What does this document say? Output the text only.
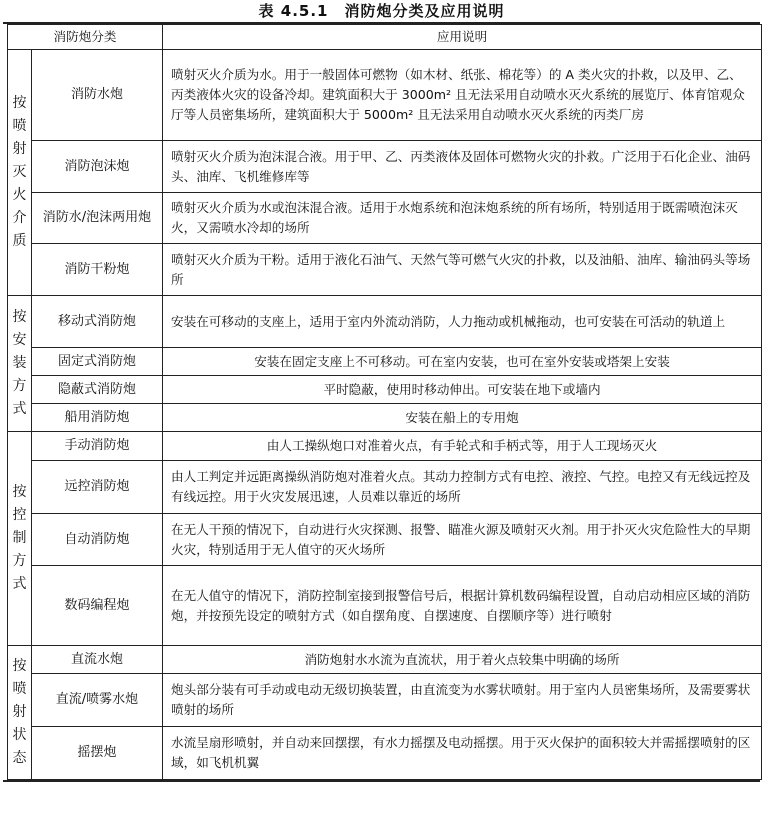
表 4.5.1　消防炮分类及应用说明
消防炮分类		应用说明
按喷射灭火介质	消防水炮	喷射灭火介质为水。用于一般固体可燃物（如木材、纸张、棉花等）的 A 类火灾的扑救，以及甲、乙、丙类液体火灾的设备冷却。建筑面积大于 3000m² 且无法采用自动喷水灭火系统的展览厅、体育馆观众厅等人员密集场所，建筑面积大于 5000m² 且无法采用自动喷水灭火系统的丙类厂房
	消防泡沫炮	喷射灭火介质为泡沫混合液。用于甲、乙、丙类液体及固体可燃物火灾的扑救。广泛用于石化企业、油码头、油库、飞机维修库等
	消防水/泡沫两用炮	喷射灭火介质为水或泡沫混合液。适用于水炮系统和泡沫炮系统的所有场所，特别适用于既需喷泡沫灭火，又需喷水冷却的场所
	消防干粉炮	喷射灭火介质为干粉。适用于液化石油气、天然气等可燃气火灾的扑救，以及油船、油库、输油码头等场所
按安装方式	移动式消防炮	安装在可移动的支座上，适用于室内外流动消防，人力拖动或机械拖动，也可安装在可活动的轨道上
	固定式消防炮	安装在固定支座上不可移动。可在室内安装，也可在室外安装或塔架上安装
	隐蔽式消防炮	平时隐蔽，使用时移动伸出。可安装在地下或墙内
	船用消防炮	安装在船上的专用炮
按控制方式	手动消防炮	由人工操纵炮口对准着火点，有手轮式和手柄式等，用于人工现场灭火
	远控消防炮	由人工判定并远距离操纵消防炮对准着火点。其动力控制方式有电控、液控、气控。电控又有无线远控及有线远控。用于火灾发展迅速，人员难以靠近的场所
	自动消防炮	在无人干预的情况下，自动进行火灾探测、报警、瞄准火源及喷射灭火剂。用于扑灭火灾危险性大的早期火灾，特别适用于无人值守的灭火场所
	数码编程炮	在无人值守的情况下，消防控制室接到报警信号后，根据计算机数码编程设置，自动启动相应区域的消防炮，并按预先设定的喷射方式（如自摆角度、自摆速度、自摆顺序等）进行喷射
按喷射状态	直流水炮	消防炮射水水流为直流状，用于着火点较集中明确的场所
	直流/喷雾水炮	炮头部分装有可手动或电动无级切换装置，由直流变为水雾状喷射。用于室内人员密集场所，及需要雾状喷射的场所
	摇摆炮	水流呈扇形喷射，并自动来回摆摆，有水力摇摆及电动摇摆。用于灭火保护的面积较大并需摇摆喷射的区域，如飞机机翼
